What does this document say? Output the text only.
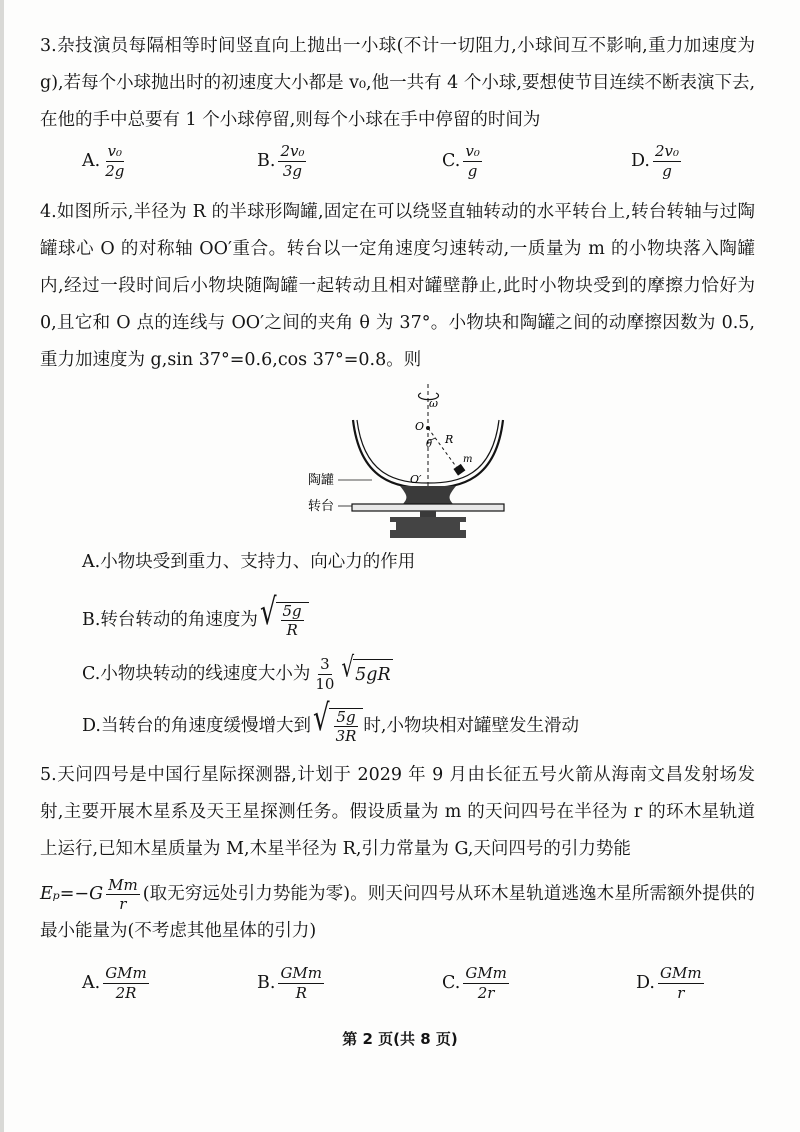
3.杂技演员每隔相等时间竖直向上抛出一小球(不计一切阻力,小球间互不影响,重力加速度为 g),若每个小球抛出时的初速度大小都是 v₀,他一共有 4 个小球,要想使节目连续不断表演下去,在他的手中总要有 1 个小球停留,则每个小球在手中停留的时间为

A. $\frac{\text{v₀}}{2g}$	B. $\frac{\text{2v₀}}{3g}$	C. $\frac{\text{v₀}}{g}$	D. $\frac{\text{2v₀}}{g}$

4.如图所示,半径为 R 的半球形陶罐,固定在可以绕竖直轴转动的水平转台上,转台转轴与过陶罐球心 O 的对称轴 OO′重合。转台以一定角速度匀速转动,一质量为 m 的小物块落入陶罐内,经过一段时间后小物块随陶罐一起转动且相对罐壁静止,此时小物块受到的摩擦力恰好为 0,且它和 O 点的连线与 OO′之间的夹角 θ 为 37°。小物块和陶罐之间的动摩擦因数为 0.5,重力加速度为 g,sin 37°=0.6,cos 37°=0.8。则

ω
O
θ R
m
O′
陶罐
转台
A.小物块受到重力、支持力、向心力的作用
B.转台转动的角速度为 √ $\frac{5g}{R}$
C.小物块转动的线速度大小为 $\frac{3}{10}$ √ 5gR
D.当转台的角速度缓慢增大到 √ $\frac{5g}{3R}$ 时,小物块相对罐壁发生滑动

5.天问四号是中国行星际探测器,计划于 2029 年 9 月由长征五号火箭从海南文昌发射场发射,主要开展木星系及天王星探测任务。假设质量为 m 的天问四号在半径为 r 的环木星轨道上运行,已知木星质量为 M,木星半径为 R,引力常量为 G,天问四号的引力势能

$E_p=-G \frac{Mm}{r}$ (取无穷远处引力势能为零)。则天问四号从环木星轨道逃逸木星所需额外提供的最小能量为(不考虑其他星体的引力)

A. $\frac{\text{GMm}}{2R}$	B. $\frac{\text{GMm}}{R}$	C. $\frac{\text{GMm}}{2r}$	D. $\frac{\text{GMm}}{r}$
第 2 页(共 8 页)
